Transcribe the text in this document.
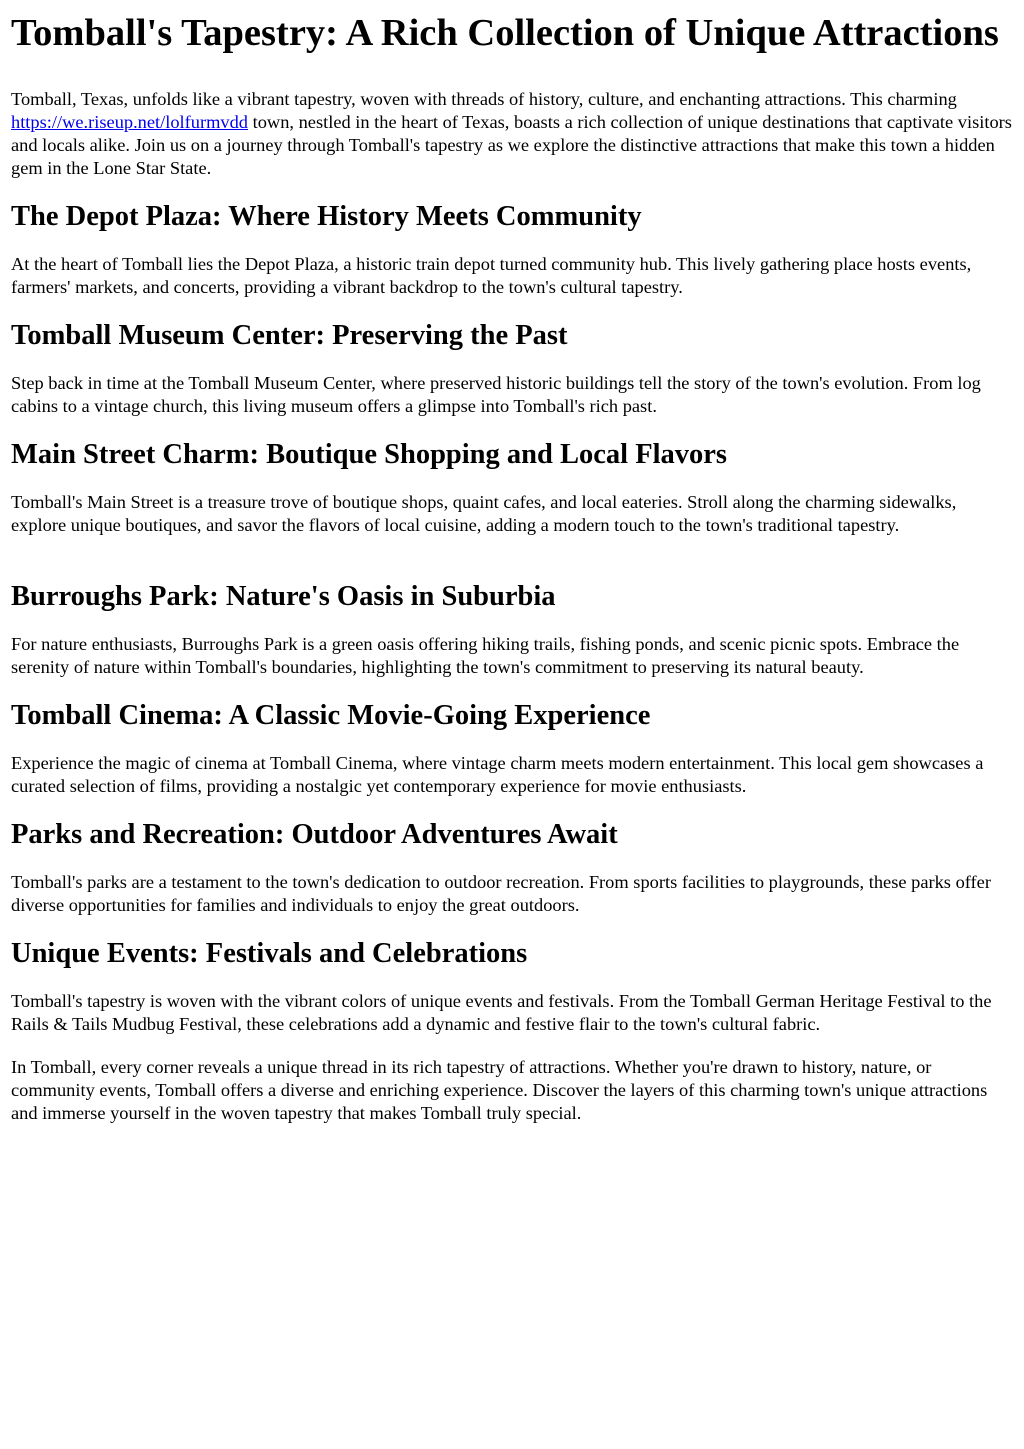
Tomball's Tapestry: A Rich Collection of Unique Attractions

Tomball, Texas, unfolds like a vibrant tapestry, woven with threads of history, culture, and enchanting attractions. This charming https://we.riseup.net/lolfurmvdd town, nestled in the heart of Texas, boasts a rich collection of unique destinations that captivate visitors and locals alike. Join us on a journey through Tomball's tapestry as we explore the distinctive attractions that make this town a hidden gem in the Lone Star State.

The Depot Plaza: Where History Meets Community

At the heart of Tomball lies the Depot Plaza, a historic train depot turned community hub. This lively gathering place hosts events, farmers' markets, and concerts, providing a vibrant backdrop to the town's cultural tapestry.

Tomball Museum Center: Preserving the Past

Step back in time at the Tomball Museum Center, where preserved historic buildings tell the story of the town's evolution. From log cabins to a vintage church, this living museum offers a glimpse into Tomball's rich past.

Main Street Charm: Boutique Shopping and Local Flavors

Tomball's Main Street is a treasure trove of boutique shops, quaint cafes, and local eateries. Stroll along the charming sidewalks, explore unique boutiques, and savor the flavors of local cuisine, adding a modern touch to the town's traditional tapestry.

Burroughs Park: Nature's Oasis in Suburbia

For nature enthusiasts, Burroughs Park is a green oasis offering hiking trails, fishing ponds, and scenic picnic spots. Embrace the serenity of nature within Tomball's boundaries, highlighting the town's commitment to preserving its natural beauty.

Tomball Cinema: A Classic Movie-Going Experience

Experience the magic of cinema at Tomball Cinema, where vintage charm meets modern entertainment. This local gem showcases a curated selection of films, providing a nostalgic yet contemporary experience for movie enthusiasts.

Parks and Recreation: Outdoor Adventures Await

Tomball's parks are a testament to the town's dedication to outdoor recreation. From sports facilities to playgrounds, these parks offer diverse opportunities for families and individuals to enjoy the great outdoors.

Unique Events: Festivals and Celebrations

Tomball's tapestry is woven with the vibrant colors of unique events and festivals. From the Tomball German Heritage Festival to the Rails & Tails Mudbug Festival, these celebrations add a dynamic and festive flair to the town's cultural fabric.

In Tomball, every corner reveals a unique thread in its rich tapestry of attractions. Whether you're drawn to history, nature, or community events, Tomball offers a diverse and enriching experience. Discover the layers of this charming town's unique attractions and immerse yourself in the woven tapestry that makes Tomball truly special.
